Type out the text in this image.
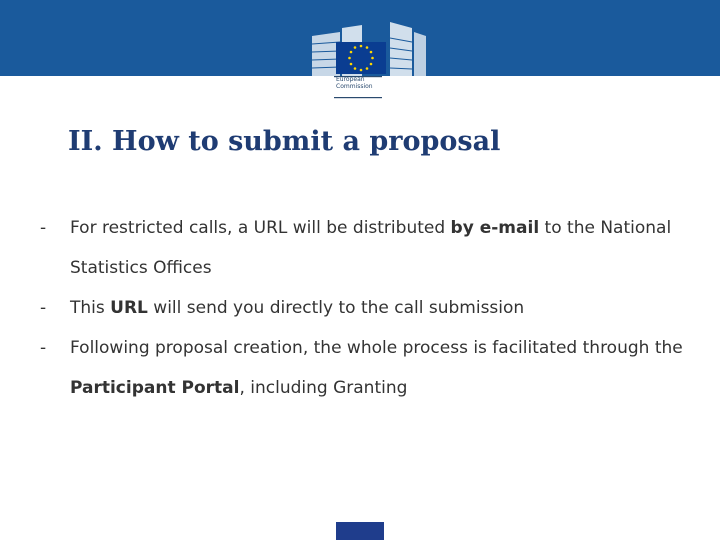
European
Commission
II. How to submit a proposal
- For restricted calls, a URL will be distributed by e-mail to the National Statistics Offices
- This URL will send you directly to the call submission
- Following proposal creation, the whole process is facilitated through the Participant Portal, including Granting
